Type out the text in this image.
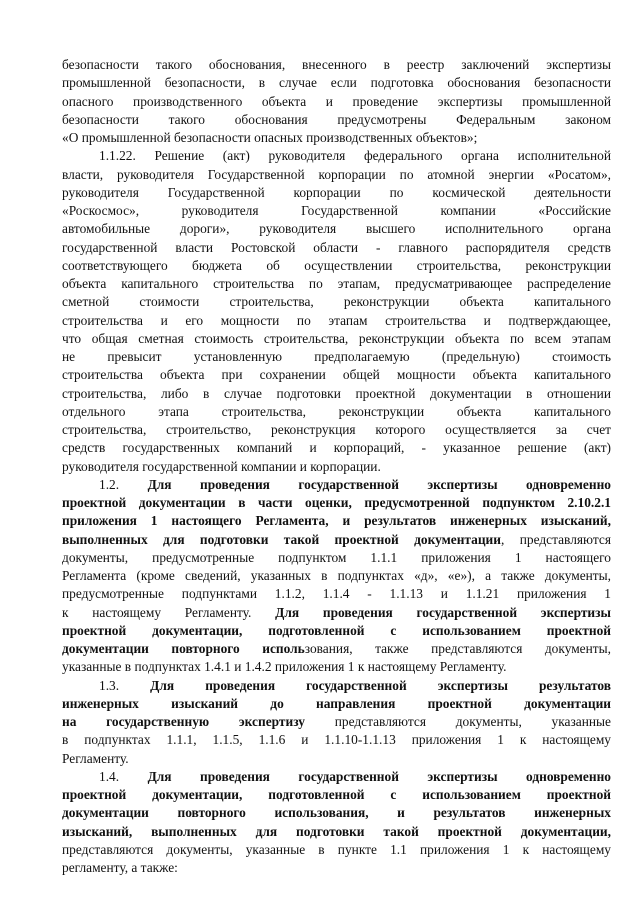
безопасности такого обоснования, внесенного в реестр заключений экспертизы
промышленной безопасности, в случае если подготовка обоснования безопасности
опасного производственного объекта и проведение экспертизы промышленной
безопасности такого обоснования предусмотрены Федеральным законом
«О промышленной безопасности опасных производственных объектов»;
1.1.22. Решение (акт) руководителя федерального органа исполнительной
власти, руководителя Государственной корпорации по атомной энергии «Росатом»,
руководителя Государственной корпорации по космической деятельности
«Роскосмос», руководителя Государственной компании «Российские
автомобильные дороги», руководителя высшего исполнительного органа
государственной власти Ростовской области - главного распорядителя средств
соответствующего бюджета об осуществлении строительства, реконструкции
объекта капитального строительства по этапам, предусматривающее распределение
сметной стоимости строительства, реконструкции объекта капитального
строительства и его мощности по этапам строительства и подтверждающее,
что общая сметная стоимость строительства, реконструкции объекта по всем этапам
не превысит установленную предполагаемую (предельную) стоимость
строительства объекта при сохранении общей мощности объекта капитального
строительства, либо в случае подготовки проектной документации в отношении
отдельного этапа строительства, реконструкции объекта капитального
строительства, строительство, реконструкция которого осуществляется за счет
средств государственных компаний и корпораций, - указанное решение (акт)
руководителя государственной компании и корпорации.
1.2. Для проведения государственной экспертизы одновременно
проектной документации в части оценки, предусмотренной подпунктом 2.10.2.1
приложения 1 настоящего Регламента, и результатов инженерных изысканий,
выполненных для подготовки такой проектной документации, представляются
документы, предусмотренные подпунктом 1.1.1 приложения 1 настоящего
Регламента (кроме сведений, указанных в подпунктах «д», «е»), а также документы,
предусмотренные подпунктами 1.1.2, 1.1.4 - 1.1.13 и 1.1.21 приложения 1
к настоящему Регламенту. Для проведения государственной экспертизы
проектной документации, подготовленной с использованием проектной
документации повторного использования, также представляются документы,
указанные в подпунктах 1.4.1 и 1.4.2 приложения 1 к настоящему Регламенту.
1.3. Для проведения государственной экспертизы результатов
инженерных изысканий до направления проектной документации
на государственную экспертизу представляются документы, указанные
в подпунктах 1.1.1, 1.1.5, 1.1.6 и 1.1.10-1.1.13 приложения 1 к настоящему
Регламенту.
1.4. Для проведения государственной экспертизы одновременно
проектной документации, подготовленной с использованием проектной
документации повторного использования, и результатов инженерных
изысканий, выполненных для подготовки такой проектной документации,
представляются документы, указанные в пункте 1.1 приложения 1 к настоящему
регламенту, а также:
